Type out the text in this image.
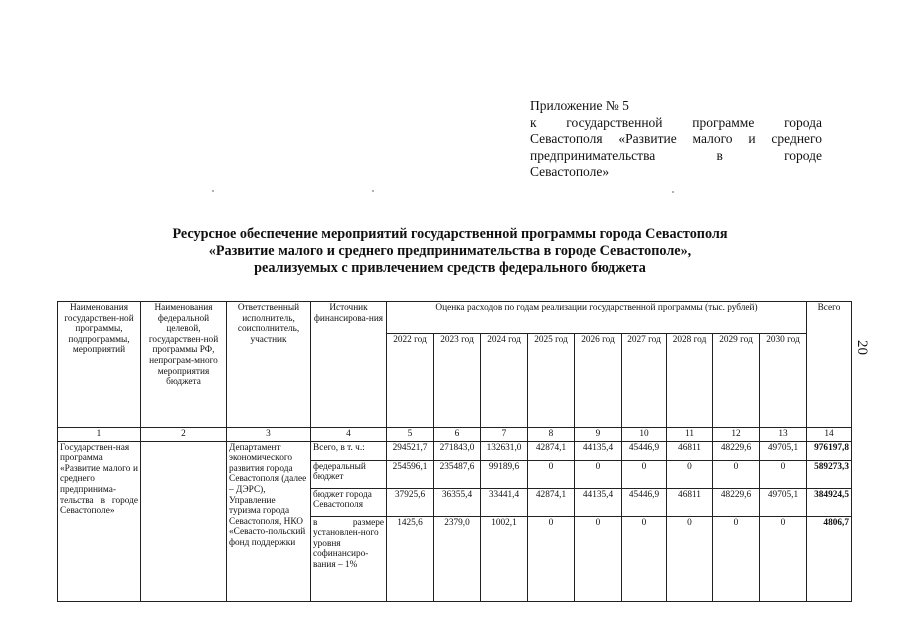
Приложение № 5
к государственной программе города
Севастополя «Развитие малого и среднего
предпринимательства в городе
Севастополе»
Ресурсное обеспечение мероприятий государственной программы города Севастополя
«Развитие малого и среднего предпринимательства в городе Севастополе»,
реализуемых с привлечением средств федерального бюджета
20
Наименования государствен-ной программы, подпрограммы, мероприятий	Наименования федеральной целевой, государствен-ной программы РФ, непрограм-много мероприятия бюджета	Ответственный исполнитель, соисполнитель, участник	Источник финансирова-ния	Оценка расходов по годам реализации государственной программы (тыс. рублей)									Всего
				2022 год	2023 год	2024 год	2025 год	2026 год	2027 год	2028 год	2029 год	2030 год	
1	2	3	4	5	6	7	8	9	10	11	12	13	14
Государствен-ная программа «Развитие малого и среднего предпринима-тельства в городе Севастополе»		Департамент экономического развития города Севастополя (далее – ДЭРС), Управление туризма города Севастополя, НКО «Севасто-польский фонд поддержки	Всего, в т. ч.:	294521,7	271843,0	132631,0	42874,1	44135,4	45446,9	46811	48229,6	49705,1	976197,8
			федеральный бюджет	254596,1	235487,6	99189,6	0	0	0	0	0	0	589273,3
			бюджет города Севастополя	37925,6	36355,4	33441,4	42874,1	44135,4	45446,9	46811	48229,6	49705,1	384924,5
			в размере установлен-ного уровня софинансиро-вания – 1%	1425,6	2379,0	1002,1	0	0	0	0	0	0	4806,7
